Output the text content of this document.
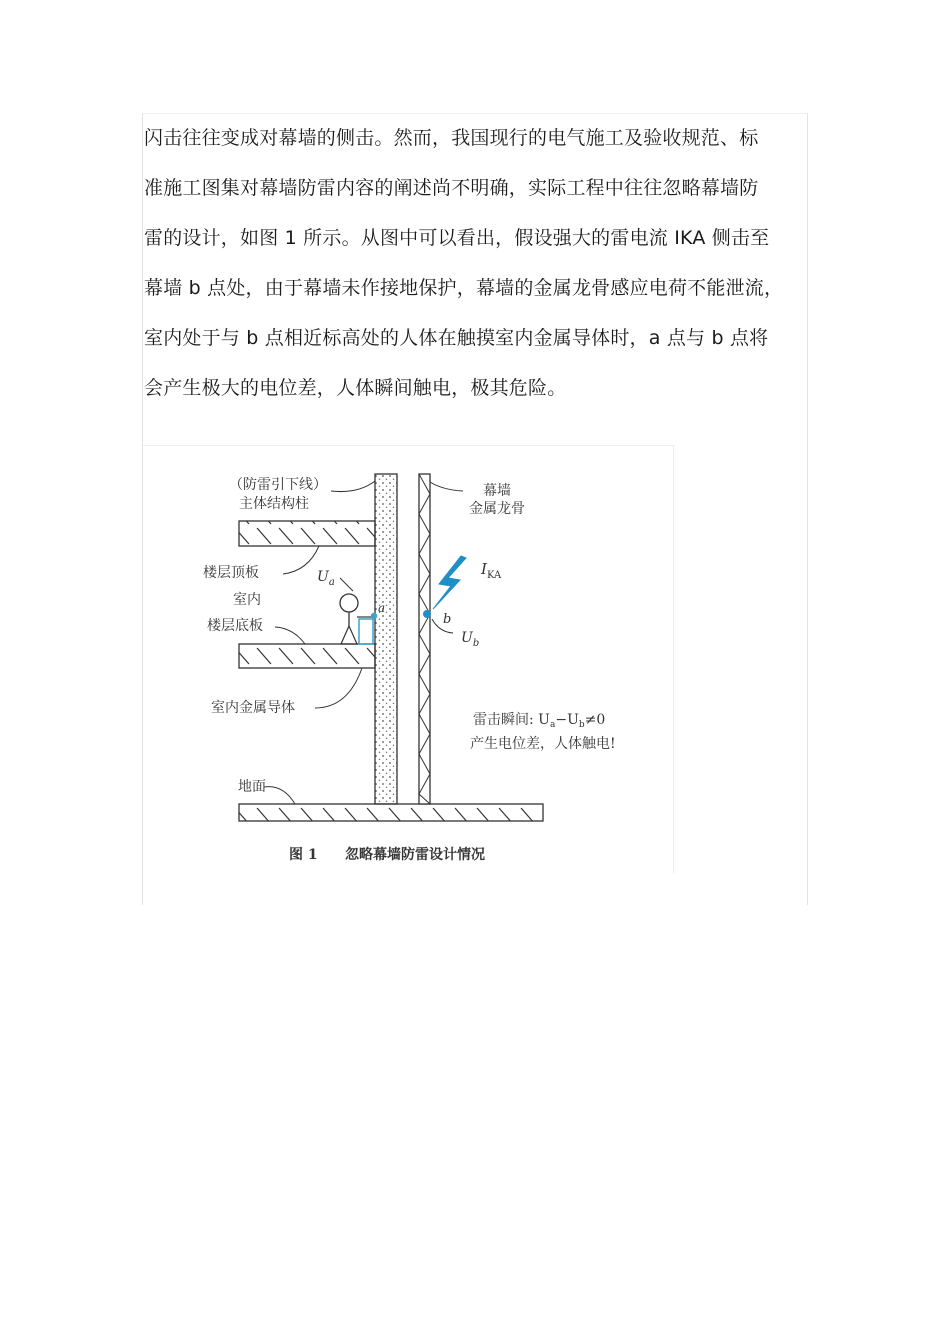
闪击往往变成对幕墙的侧击。然而，我国现行的电气施工及验收规范、标
准施工图集对幕墙防雷内容的阐述尚不明确，实际工程中往往忽略幕墙防
雷的设计，如图 1 所示。从图中可以看出，假设强大的雷电流 IKA 侧击至
幕墙 b 点处，由于幕墙未作接地保护，幕墙的金属龙骨感应电荷不能泄流，
室内处于与 b 点相近标高处的人体在触摸室内金属导体时，a 点与 b 点将
会产生极大的电位差，人体瞬间触电，极其危险。
（防雷引下线）
主体结构柱
幕墙
金属龙骨
楼层顶板
室内
楼层底板
室内金属导体
地面
$U_a$
a
b
$U_b$
$I_{KA}$
雷击瞬间: $U_a-U_b\ne 0$
产生电位差，人体触电!
图 1 忽略幕墙防雷设计情况
